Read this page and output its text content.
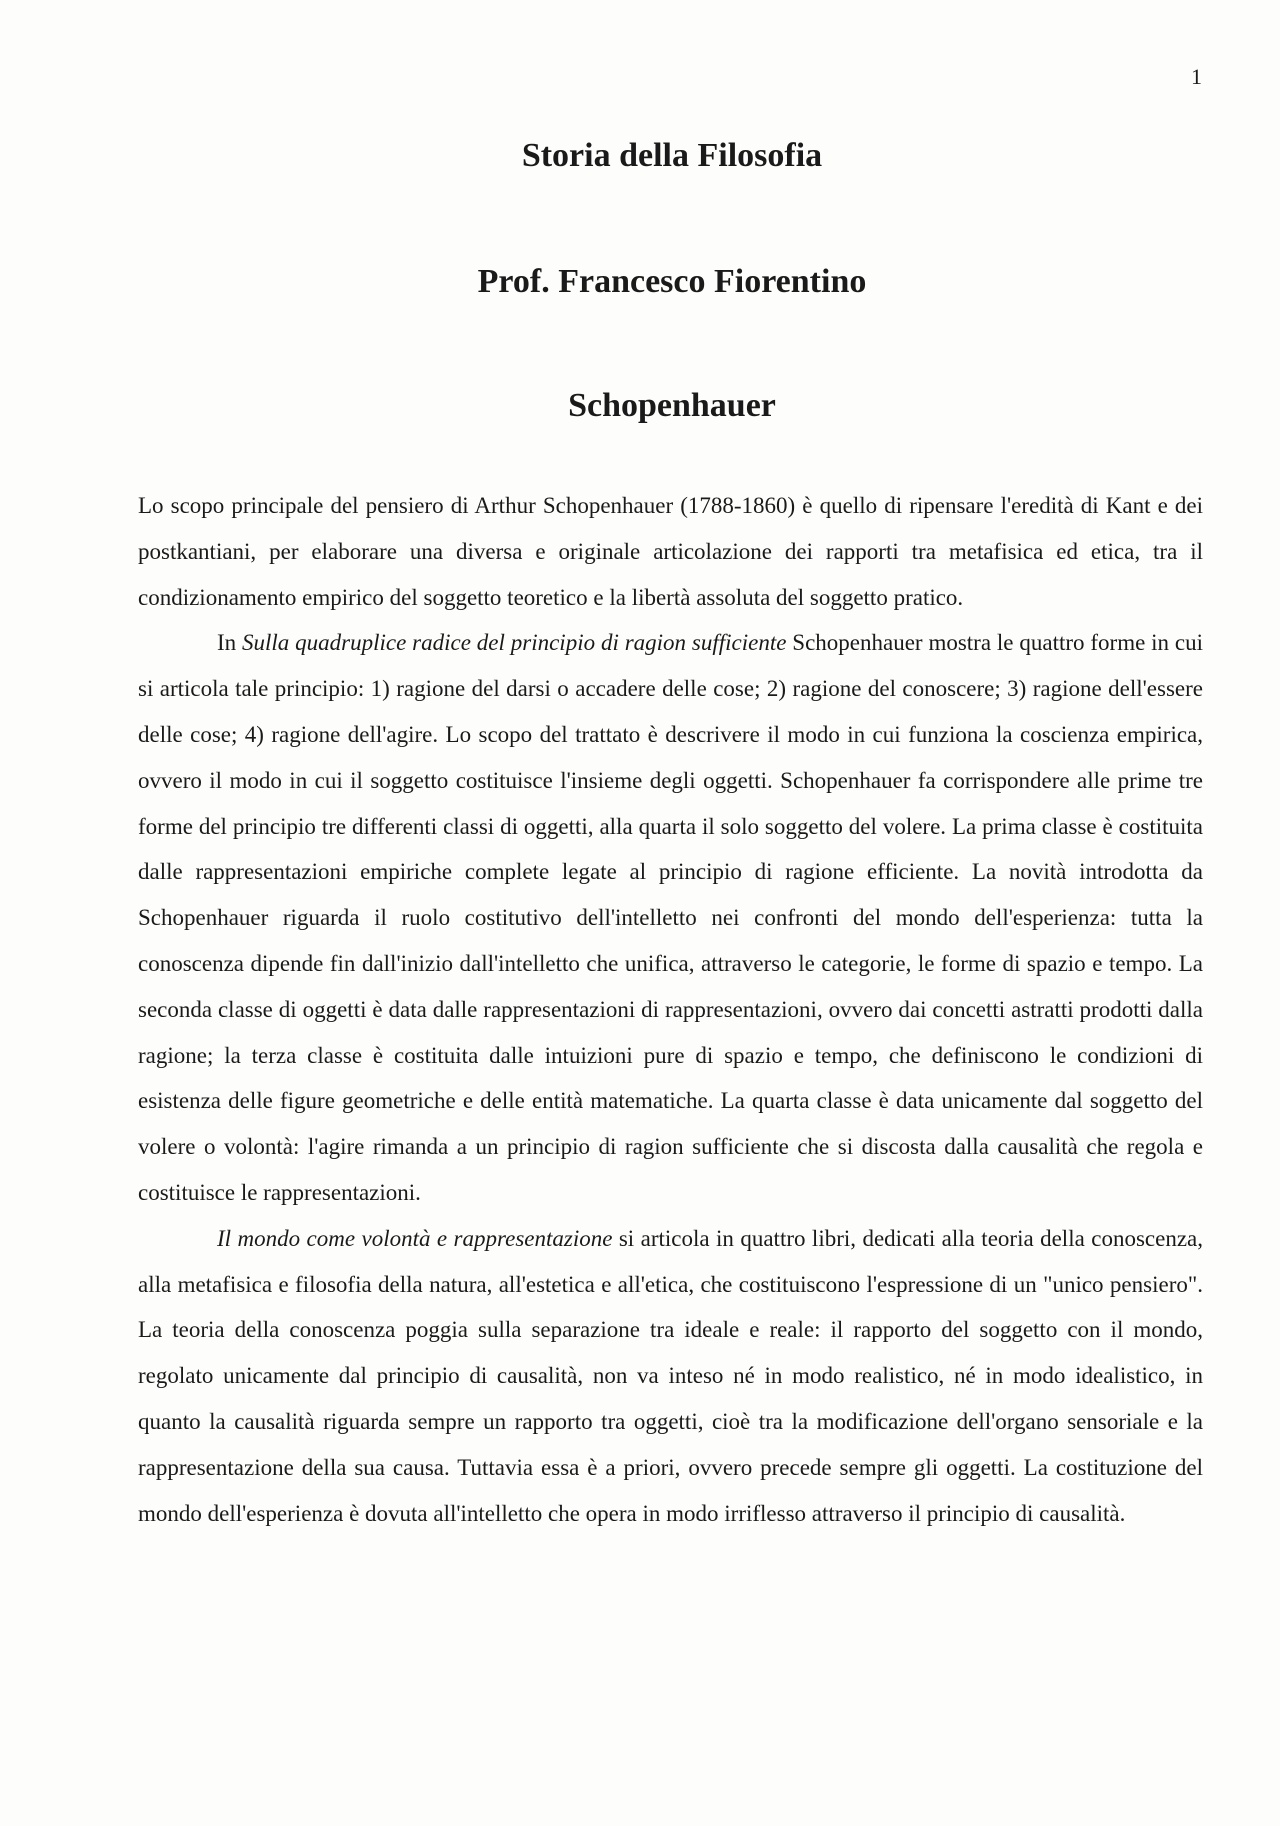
1
Storia della Filosofia
Prof. Francesco Fiorentino
Schopenhauer

Lo scopo principale del pensiero di Arthur Schopenhauer (1788-1860) è quello di ripensare l'eredità di Kant e dei postkantiani, per elaborare una diversa e originale articolazione dei rapporti tra metafisica ed etica, tra il condizionamento empirico del soggetto teoretico e la libertà assoluta del soggetto pratico.

In Sulla quadruplice radice del principio di ragion sufficiente Schopenhauer mostra le quattro forme in cui si articola tale principio: 1) ragione del darsi o accadere delle cose; 2) ragione del conoscere; 3) ragione dell'essere delle cose; 4) ragione dell'agire. Lo scopo del trattato è descrivere il modo in cui funziona la coscienza empirica, ovvero il modo in cui il soggetto costituisce l'insieme degli oggetti. Schopenhauer fa corrispondere alle prime tre forme del principio tre differenti classi di oggetti, alla quarta il solo soggetto del volere. La prima classe è costituita dalle rappresentazioni empiriche complete legate al principio di ragione efficiente. La novità introdotta da Schopenhauer riguarda il ruolo costitutivo dell'intelletto nei confronti del mondo dell'esperienza: tutta la conoscenza dipende fin dall'inizio dall'intelletto che unifica, attraverso le categorie, le forme di spazio e tempo. La seconda classe di oggetti è data dalle rappresentazioni di rappresentazioni, ovvero dai concetti astratti prodotti dalla ragione; la terza classe è costituita dalle intuizioni pure di spazio e tempo, che definiscono le condizioni di esistenza delle figure geometriche e delle entità matematiche. La quarta classe è data unicamente dal soggetto del volere o volontà: l'agire rimanda a un principio di ragion sufficiente che si discosta dalla causalità che regola e costituisce le rappresentazioni.

Il mondo come volontà e rappresentazione si articola in quattro libri, dedicati alla teoria della conoscenza, alla metafisica e filosofia della natura, all'estetica e all'etica, che costituiscono l'espressione di un "unico pensiero". La teoria della conoscenza poggia sulla separazione tra ideale e reale: il rapporto del soggetto con il mondo, regolato unicamente dal principio di causalità, non va inteso né in modo realistico, né in modo idealistico, in quanto la causalità riguarda sempre un rapporto tra oggetti, cioè tra la modificazione dell'organo sensoriale e la rappresentazione della sua causa. Tuttavia essa è a priori, ovvero precede sempre gli oggetti. La costituzione del mondo dell'esperienza è dovuta all'intelletto che opera in modo irriflesso attraverso il principio di causalità.
